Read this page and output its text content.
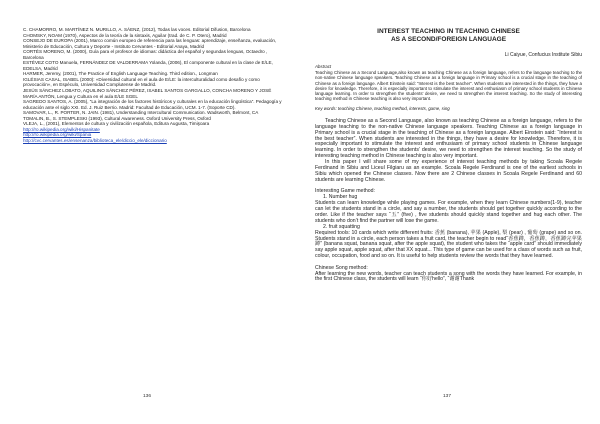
C. CHAMORRO, M. MARTÍNEZ N. MURILLO, A. SÁENZ, (2012), Todas las voces. Editorial Difusion, Barcelona

CHOMSKY, NOAM (1970), Aspectos de la teoría de la sintaxis, Aguilar (trad. de C. P. Otero), Madrid

CONSEJO DE EUROPA (2001), Marco común europeo de referencia para las lenguas: aprendizaje, enseñanza, evaluación, Ministerio de Educación, Cultura y Deporte - Instituto Cervantes - Editorial Anaya, Madrid

CORTÉS MORENO, M. (2000), Guía para el profesor de idiomas: didáctica del español y segundas lenguas, Octaedro , Barcelona

ESTÉVEZ COTO Manuela, FERNÁNDEZ DE VALDERRAMA Yolanda, (2006), El componente cultural en la clase de E/LE, EDELSA, Madrid

HARMER, Jeremy, (2001), The Practice of English Language Teaching. Third edition., Longman

IGLÉSIAS CASAL, ISABEL (2000): «Diversidad cultural en el aula de E/LE: la interculturalidad como desafío y como provocación», en Espéculo, Universidad Complutense de Madrid.

JESÚS SÁNCHEZ LOBATO, AQUILINO SÁNCHEZ PÉREZ, ISABEL SANTOS GARGALLO, CONCHA MORENO Y JOSÉ MARÍA ANTÓN, Lengua y Cultura en el aula E/LE SGEL

SAGREDO SANTOS, A. (2005), “La integración de los factores históricos y culturales en la educación lingüística”. Pedagogía y educación ante el siglo XXI. Ed. J. Ruiz Berrio. Madrid: Facultad de Educación, UCM. 1-7. (Soporte CD).

SAMOVAR, L., R. PORTER, N. JAIN. (1981), Understanding Intercultural Communication. Wadsworth, Belmont, CA

TOMALIN, B., S. STEMPLESKI (1993), Cultural Awareness. Oxford University Press, Oxford

VLEJA, L., (2001), Elementos de cultura y civilización española, Editura Augusta, Timişoara

http://ro.wikipedia.org/wiki/Hispanitate
http://ro.wikipedia.org/wiki/Spania
http://cvc.cervantes.es/ensenanza/biblioteca_ele/diccio_ele/diccionario
136
INTEREST TEACHING IN TEACHING CHINESE
AS A SECOND/FOREIGN LANGUAGE
Li Caiyue, Confucius Institute Sibiu
Abstract
Teaching Chinese as a Second Language,also known as teaching Chinese as a foreign language, refers to the language teaching to the non-native Chinese language speakers. Teaching Chinese as a foreign language in Primary school is a crucial stage in the teaching of Chinese as a foreign language. Albert Einstein said: “Interest is the best teacher”. When students are interested in the things, they have a desire for knowledge. Therefore, it is especially important to stimulate the interest and enthusiasm of primary school students in Chinese language learning. In order to strengthen the students’ desire, we need to strengthen the interest teaching. So the study of interesting teaching method in Chinese teaching is also very important.
Key words: teaching Chinese, teaching method, interests, game, sing

Teaching Chinese as a Second Language, also known as teaching Chinese as a foreign language, refers to the language teaching to the non-native Chinese language speakers. Teaching Chinese as a foreign language in Primary school is a crucial stage in the teaching of Chinese as a foreign language. Albert Einstein said: “Interest is the best teacher”. When students are interested in the things, they have a desire for knowledge. Therefore, it is especially important to stimulate the interest and enthusiasm of primary school students in Chinese language learning. In order to strengthen the students’ desire, we need to strengthen the interest teaching. So the study of interesting teaching method in Chinese teaching is also very important.

In this paper I will share some of my experience of interest teaching methods by taking Scoala Regele Ferdinand in Sibiu and Liceul Filgiaru as an example. Scoala Regele Ferdinand is one of the earliest schools in Sibiu which opened the Chinese classes. Now there are 2 Chinese classes in Scoala Regele Ferdinand and 60 students are learning Chinese.

Interesting Game method:

1. Number hug

Students can learn knowledge while playing games. For example, when they learn Chinese numbers(1-9), teacher can let the students stand in a circle, and say a number, the students should get together quickly according to the order. Like if the teacher says “五” (five) , five students should quickly stand together and hug each other. The students who don’t find the partner will lose the game.

2. fruit squatting

Required tools: 10 cards which write different fruits: 香蕉 (banana), 苹果 (Apple), 梨 (pear) , 葡萄 (grape) and so on. Students stand in a circle, each person takes a fruit card, the teacher begin to read“香蕉蹲，香蕉蹲，香蕉蹲完苹果蹲” (banana squat, banana squat, after the apple squat), the student who takes the “apple card” should immediately say apple squat, apple squat, after that XX squat... This type of game can be used for a class of words such as fruit, colour, occupation, food and so on. It is useful to help students review the words that they have learned.

Chinese Song method:

After learning the new words, teacher can teach students a song with the words they have learned. For example, in the first Chinese class, the students will learn “你好hello”, “谢谢Thank

137
